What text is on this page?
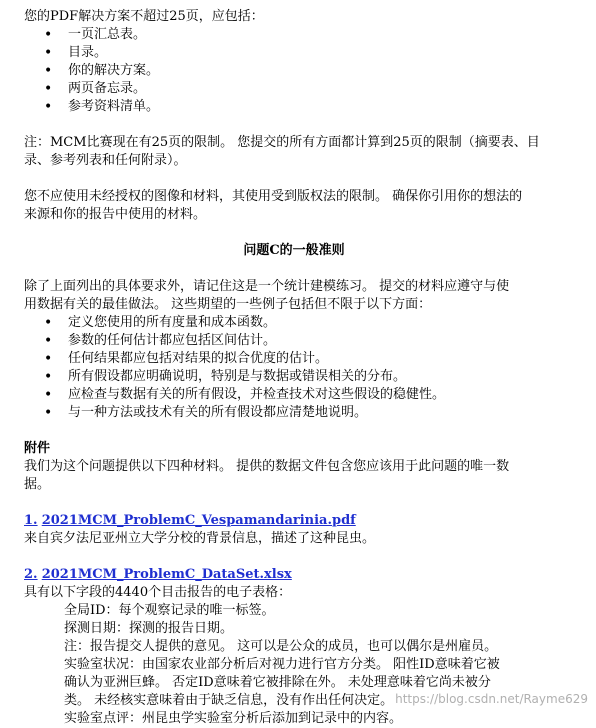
您的PDF解决方案不超过25页，应包括：

• 一页汇总表。
• 目录。
• 你的解决方案。
• 两页备忘录。
• 参考资料清单。

注：MCM比赛现在有25页的限制。 您提交的所有方面都计算到25页的限制（摘要表、目

录、参考列表和任何附录）。

您不应使用未经授权的图像和材料，其使用受到版权法的限制。 确保你引用你的想法的

来源和你的报告中使用的材料。

问题C的一般准则

除了上面列出的具体要求外，请记住这是一个统计建模练习。 提交的材料应遵守与使

用数据有关的最佳做法。 这些期望的一些例子包括但不限于以下方面：

• 定义您使用的所有度量和成本函数。
• 参数的任何估计都应包括区间估计。
• 任何结果都应包括对结果的拟合优度的估计。
• 所有假设都应明确说明，特别是与数据或错误相关的分布。
• 应检查与数据有关的所有假设，并检查技术对这些假设的稳健性。
• 与一种方法或技术有关的所有假设都应清楚地说明。

附件

我们为这个问题提供以下四种材料。 提供的数据文件包含您应该用于此问题的唯一数

据。

1. 2021MCM_ProblemC_Vespamandarinia.pdf

来自宾夕法尼亚州立大学分校的背景信息，描述了这种昆虫。

2. 2021MCM_ProblemC_DataSet.xlsx

具有以下字段的4440个目击报告的电子表格：

全局ID：每个观察记录的唯一标签。

探测日期：探测的报告日期。

注：报告提交人提供的意见。 这可以是公众的成员，也可以偶尔是州雇员。

实验室状况：由国家农业部分析后对视力进行官方分类。 阳性ID意味着它被

确认为亚洲巨蜂。 否定ID意味着它被排除在外。 未处理意味着它尚未被分

类。 未经核实意味着由于缺乏信息，没有作出任何决定。

实验室点评：州昆虫学实验室分析后添加到记录中的内容。

https://blog.csdn.net/Rayme629
